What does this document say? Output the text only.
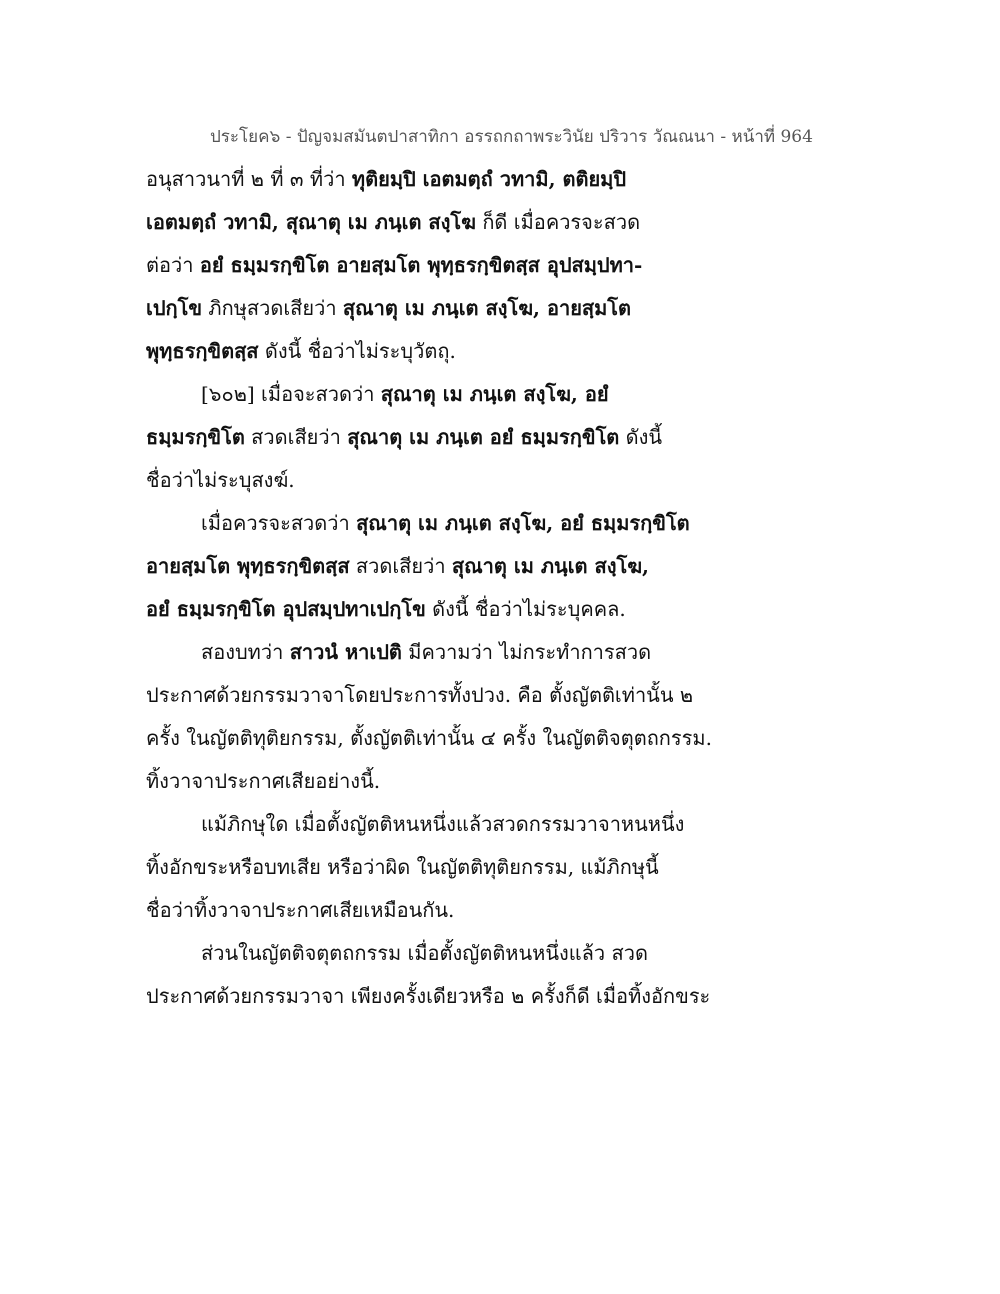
ประโยค๖ - ปัญจมสมันตปาสาทิกา อรรถกถาพระวินัย ปริวาร วัณณนา - หน้าที่ 964
อนุสาวนาที่ ๒ ที่ ๓ ที่ว่า ทุติยมฺปิ เอตมตฺถํ วทามิ, ตติยมฺปิ
เอตมตฺถํ วทามิ, สุณาตุ เม ภนฺเต สงฺโฆ ก็ดี เมื่อควรจะสวด
ต่อว่า อยํ ธมฺมรกฺขิโต อายสฺมโต พุทฺธรกฺขิตสฺส อุปสมฺปทา-
เปกฺโข ภิกษุสวดเสียว่า สุณาตุ เม ภนฺเต สงฺโฆ, อายสฺมโต
พุทฺธรกฺขิตสฺส ดังนี้ ชื่อว่าไม่ระบุวัตถุ.
[๖๐๒] เมื่อจะสวดว่า สุณาตุ เม ภนฺเต สงฺโฆ, อยํ
ธมฺมรกฺขิโต สวดเสียว่า สุณาตุ เม ภนฺเต อยํ ธมฺมรกฺขิโต ดังนี้
ชื่อว่าไม่ระบุสงฆ์.
เมื่อควรจะสวดว่า สุณาตุ เม ภนฺเต สงฺโฆ, อยํ ธมฺมรกฺขิโต
อายสฺมโต พุทฺธรกฺขิตสฺส สวดเสียว่า สุณาตุ เม ภนฺเต สงฺโฆ,
อยํ ธมฺมรกฺขิโต อุปสมฺปทาเปกฺโข ดังนี้ ชื่อว่าไม่ระบุคคล.
สองบทว่า สาวนํ หาเปติ มีความว่า ไม่กระทำการสวด
ประกาศด้วยกรรมวาจาโดยประการทั้งปวง. คือ ตั้งญัตติเท่านั้น ๒
ครั้ง ในญัตติทุติยกรรม, ตั้งญัตติเท่านั้น ๔ ครั้ง ในญัตติจตุตถกรรม.
ทิ้งวาจาประกาศเสียอย่างนี้.
แม้ภิกษุใด เมื่อตั้งญัตติหนหนึ่งแล้วสวดกรรมวาจาหนหนึ่ง
ทิ้งอักขระหรือบทเสีย หรือว่าผิด ในญัตติทุติยกรรม, แม้ภิกษุนี้
ชื่อว่าทิ้งวาจาประกาศเสียเหมือนกัน.
ส่วนในญัตติจตุตถกรรม เมื่อตั้งญัตติหนหนึ่งแล้ว สวด
ประกาศด้วยกรรมวาจา เพียงครั้งเดียวหรือ ๒ ครั้งก็ดี เมื่อทิ้งอักขระ
